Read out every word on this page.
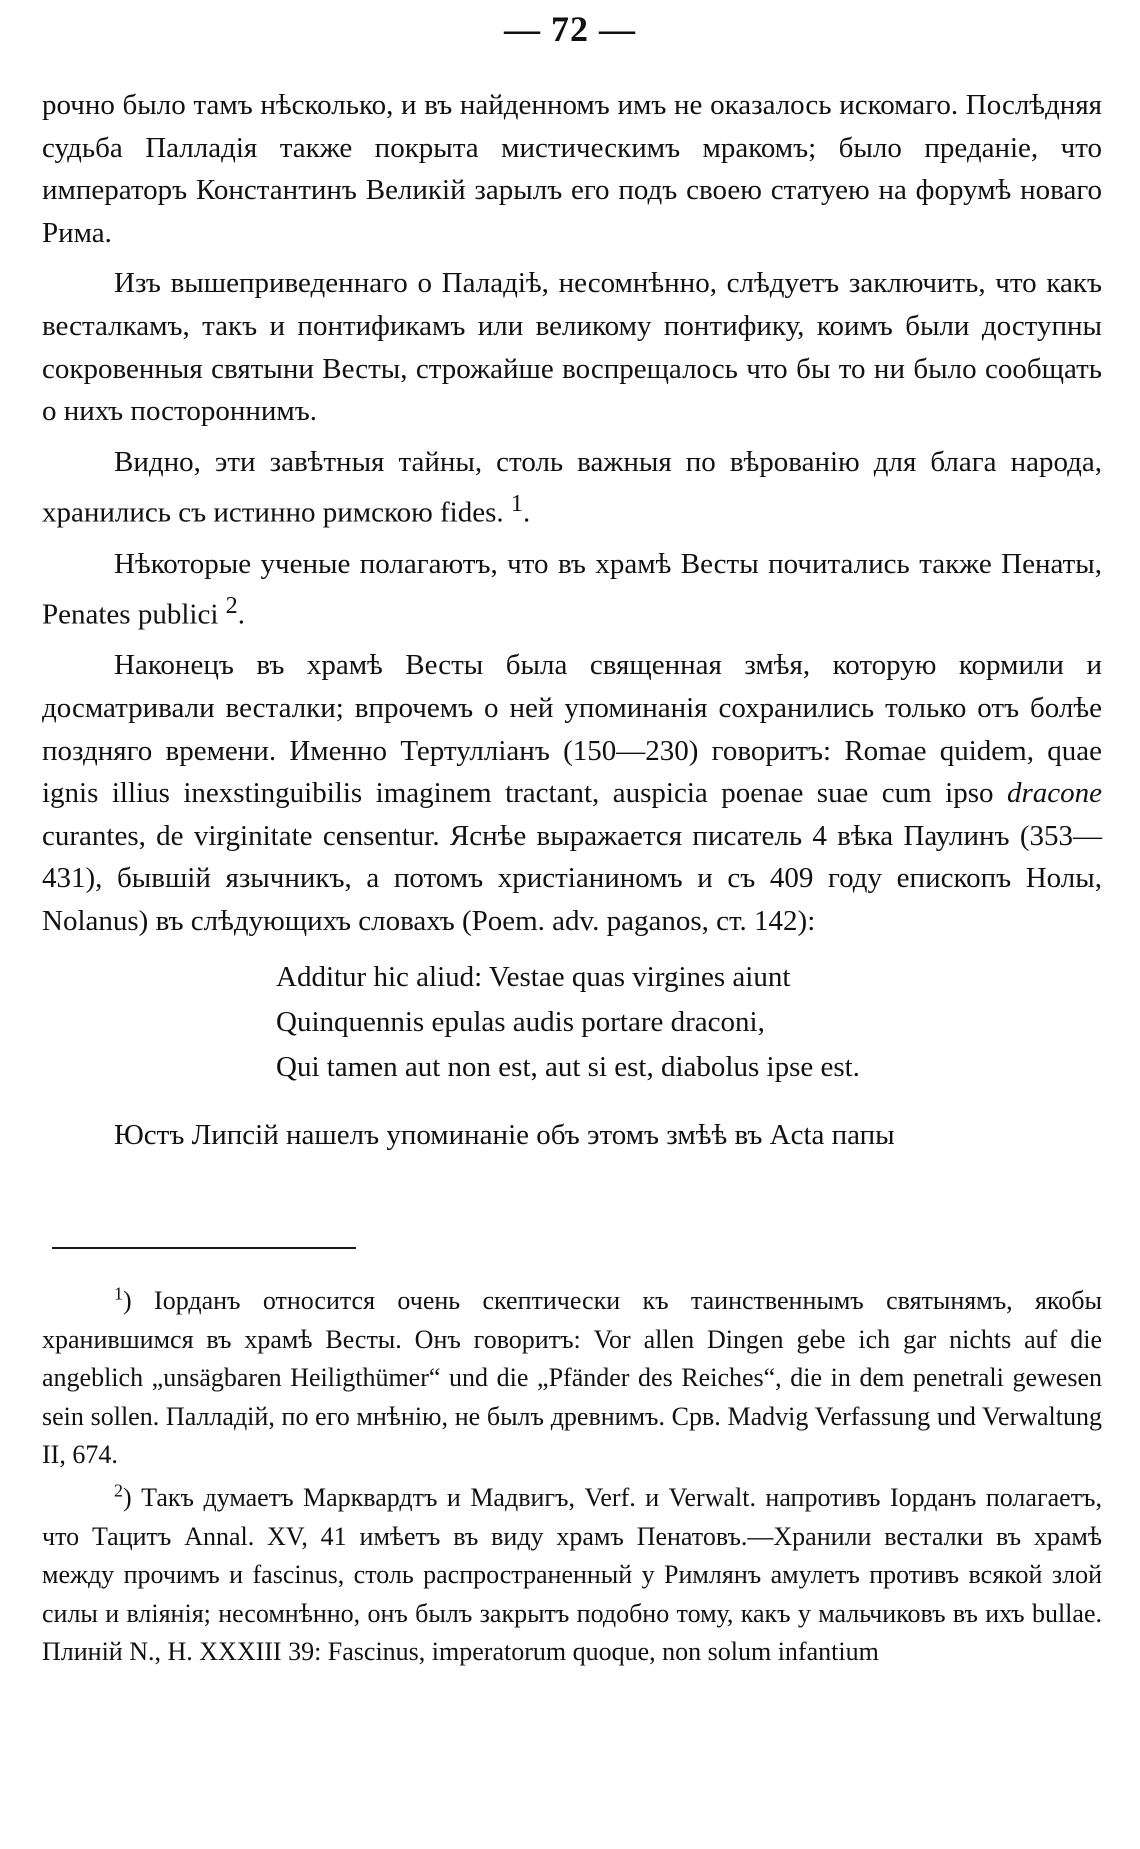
— 72 —

рочно было тамъ нѣсколько, и въ найденномъ имъ не оказалось искомаго. Послѣдняя судьба Палладія также покрыта мистическимъ мракомъ; было преданіе, что императоръ Константинъ Великій зарылъ его подъ своею статуею на форумѣ новаго Рима.

Изъ вышеприведеннаго о Паладіѣ, несомнѣнно, слѣдуетъ заключить, что какъ весталкамъ, такъ и понтификамъ или великому понтифику, коимъ были доступны сокровенныя святыни Весты, строжайше воспрещалось что бы то ни было сообщать о нихъ постороннимъ.

Видно, эти завѣтныя тайны, столь важныя по вѣрованію для блага народа, хранились съ истинно римскою fides. $^1$.

Нѣкоторые ученые полагаютъ, что въ храмѣ Весты почитались также Пенаты, Penates publici $^2$.

Наконецъ въ храмѣ Весты была священная змѣя, которую кормили и досматривали весталки; впрочемъ о ней упоминанія сохранились только отъ болѣе поздняго времени. Именно Тертулліанъ (150—230) говоритъ: Romae quidem, quae ignis illius inexstinguibilis imaginem tractant, auspicia poenae suae cum ipso dracone curantes, de virginitate censentur. Яснѣе выражается писатель 4 вѣка Паулинъ (353—431), бывшій язычникъ, а потомъ христіаниномъ и съ 409 году епископъ Нолы, Nolanus) въ слѣдующихъ словахъ (Poem. adv. paganos, ст. 142):

Additur hic aliud: Vestae quas virgines aiunt
Quinquennis epulas audis portare draconi,
Qui tamen aut non est, aut si est, diabolus ipse est.

Юстъ Липсій нашелъ упоминаніе объ этомъ змѣѣ въ Acta папы

$^1$) Іорданъ относится очень скептически къ таинственнымъ святынямъ, якобы хранившимся въ храмѣ Весты. Онъ говоритъ: Vor allen Dingen gebe ich gar nichts auf die angeblich „unsägbaren Heiligthümer“ und die „Pfänder des Reiches“, die in dem penetrali gewesen sein sollen. Палладій, по его мнѣнію, не былъ древнимъ. Срв. Madvig Verfassung und Verwaltung II, 674.

$^2$) Такъ думаетъ Марквардтъ и Мадвигъ, Verf. и Verwalt. напротивъ Іорданъ полагаетъ, что Тацитъ Annal. XV, 41 имѣетъ въ виду храмъ Пенатовъ.—Хранили весталки въ храмѣ между прочимъ и fascinus, столь распространенный у Римлянъ амулетъ противъ всякой злой силы и вліянія; несомнѣнно, онъ былъ закрытъ подобно тому, какъ у мальчиковъ въ ихъ bullae. Плиній N., H. XXXIII 39: Fascinus, imperatorum quoque, non solum infantium
